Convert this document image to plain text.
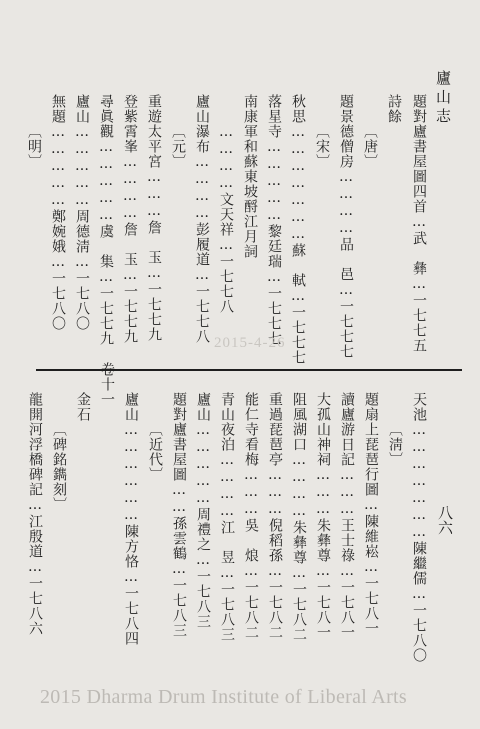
廬山志
八六
題對廬書屋圖四首…武　彝…一七七五
詩餘
〔唐〕
題景德僧房…………品　邑…一七七七
〔宋〕
秋思…………………蘇　軾…一七七七
落星寺……………黎廷瑞…一七七七
南康軍和蘇東坡酹江月詞
…………文天祥…一七七八
廬山瀑布…………彭履道…一七七八
〔元〕
重遊太平宮………詹　玉…一七七九
登紫霄峯…………詹　玉…一七七九
尋眞觀……………虞　集…一七七九
廬山……………周德淸…一七八〇
無題……………鄭婉娥…一七八〇
〔明〕
天池…………………陳繼儒…一七八〇
〔淸〕
題扇上琵琶行圖…陳維崧…一七八一
讀廬游日記………王士祿…一七八一
大孤山神祠………朱彝尊…一七八一
阻風湖口…………朱彝尊…一七八二
重過琵琶亭………倪稻孫…一七八二
能仁寺看梅………吳　烺…一七八二
青山夜泊…………江　昱…一七八三
廬山……………周禮之…一七八三
題對廬書屋圖……孫雲鶴…一七八三
〔近代〕
廬山………………陳方恪…一七八四
卷十一
金石
〔碑銘鐫刻〕
龍開河浮橋碑記…江殷道…一七八六
2015-4-26
2015 Dharma Drum Institute of Liberal Arts
